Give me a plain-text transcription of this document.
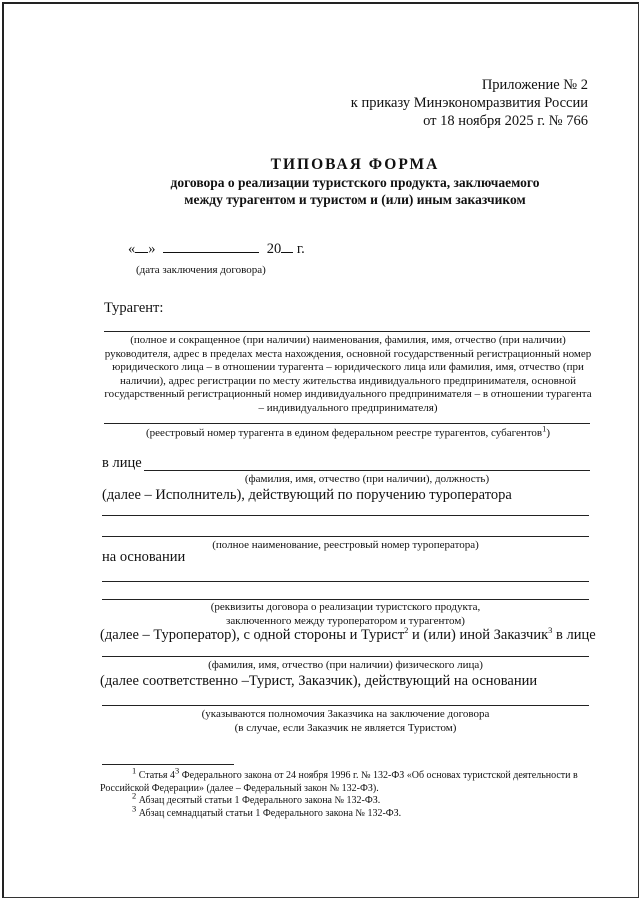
Приложение № 2
к приказу Минэкономразвития России
от 18 ноября 2025 г. № 766
ТИПОВАЯ ФОРМА
договора о реализации туристского продукта, заключаемого
между турагентом и туристом и (или) иным заказчиком
« »	20 г.
(дата заключения договора)
Турагент:
(полное и сокращенное (при наличии) наименования, фамилия, имя, отчество (при наличии) руководителя, адрес в пределах места нахождения, основной государственный регистрационный номер юридического лица – в отношении турагента – юридического лица или фамилия, имя, отчество (при наличии), адрес регистрации по месту жительства индивидуального предпринимателя, основной государственный регистрационный номер индивидуального предпринимателя – в отношении турагента – индивидуального предпринимателя)
(реестровый номер турагента в едином федеральном реестре турагентов, субагентов$^1$)
в лице
(фамилия, имя, отчество (при наличии), должность)
(далее – Исполнитель), действующий по поручению туроператора
(полное наименование, реестровый номер туроператора)
на основании
(реквизиты договора о реализации туристского продукта,
заключенного между туроператором и турагентом)
(далее – Туроператор), с одной стороны и Турист$^2$ и (или) иной Заказчик$^3$ в лице
(фамилия, имя, отчество (при наличии) физического лица)
(далее соответственно –Турист, Заказчик), действующий на основании
(указываются полномочия Заказчика на заключение договора
(в случае, если Заказчик не является Туристом)

$^1$ Статья $4^3$ Федерального закона от 24 ноября 1996 г. № 132-ФЗ «Об основах туристской деятельности в Российской Федерации» (далее – Федеральный закон № 132-ФЗ).

$^2$ Абзац десятый статьи 1 Федерального закона № 132-ФЗ.

$^3$ Абзац семнадцатый статьи 1 Федерального закона № 132-ФЗ.
